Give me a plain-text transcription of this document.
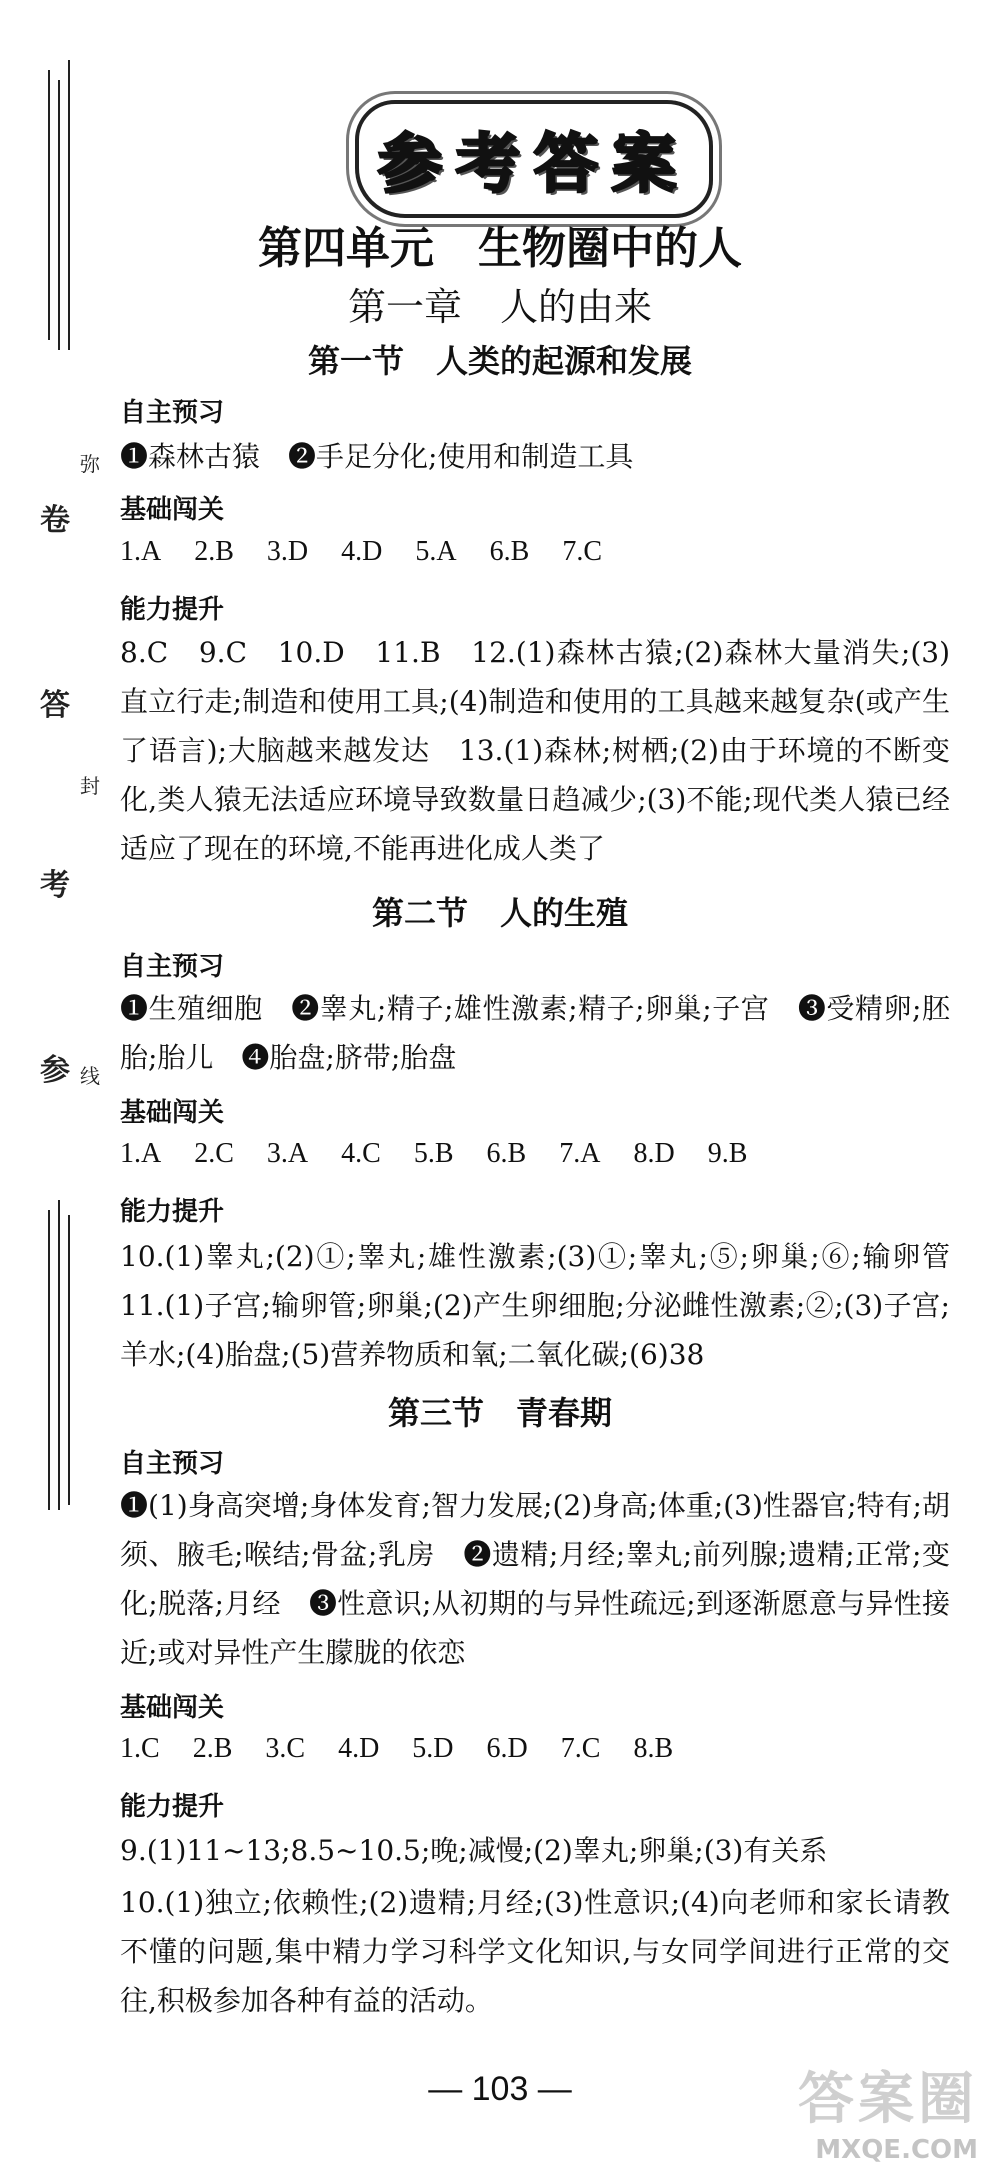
弥
卷
答
封
考
参 线
参考答案
第四单元　生物圈中的人
第一章　人的由来
第一节　人类的起源和发展
自主预习
❶森林古猿　❷手足分化;使用和制造工具
基础闯关
1.A 2.B 3.D 4.D 5.A 6.B 7.C
能力提升
8.C　9.C　10.D　11.B　12.(1)森林古猿;(2)森林大量消失;(3)直立行走;制造和使用工具;(4)制造和使用的工具越来越复杂(或产生了语言);大脑越来越发达　13.(1)森林;树栖;(2)由于环境的不断变化,类人猿无法适应环境导致数量日趋减少;(3)不能;现代类人猿已经适应了现在的环境,不能再进化成人类了
第二节　人的生殖
自主预习
❶生殖细胞　❷睾丸;精子;雄性激素;精子;卵巢;子宫　❸受精卵;胚胎;胎儿　❹胎盘;脐带;胎盘
基础闯关
1.A 2.C 3.A 4.C 5.B 6.B 7.A 8.D 9.B
能力提升
10.(1)睾丸;(2)①;睾丸;雄性激素;(3)①;睾丸;⑤;卵巢;⑥;输卵管　11.(1)子宫;输卵管;卵巢;(2)产生卵细胞;分泌雌性激素;②;(3)子宫;羊水;(4)胎盘;(5)营养物质和氧;二氧化碳;(6)38
第三节　青春期
自主预习
❶(1)身高突增;身体发育;智力发展;(2)身高;体重;(3)性器官;特有;胡须、腋毛;喉结;骨盆;乳房　❷遗精;月经;睾丸;前列腺;遗精;正常;变化;脱落;月经　❸性意识;从初期的与异性疏远;到逐渐愿意与异性接近;或对异性产生朦胧的依恋
基础闯关
1.C 2.B 3.C 4.D 5.D 6.D 7.C 8.B
能力提升
9.(1)11~13;8.5~10.5;晚;减慢;(2)睾丸;卵巢;(3)有关系
10.(1)独立;依赖性;(2)遗精;月经;(3)性意识;(4)向老师和家长请教不懂的问题,集中精力学习科学文化知识,与女同学间进行正常的交往,积极参加各种有益的活动。
— 103 —	答案圈
MXQE.COM
